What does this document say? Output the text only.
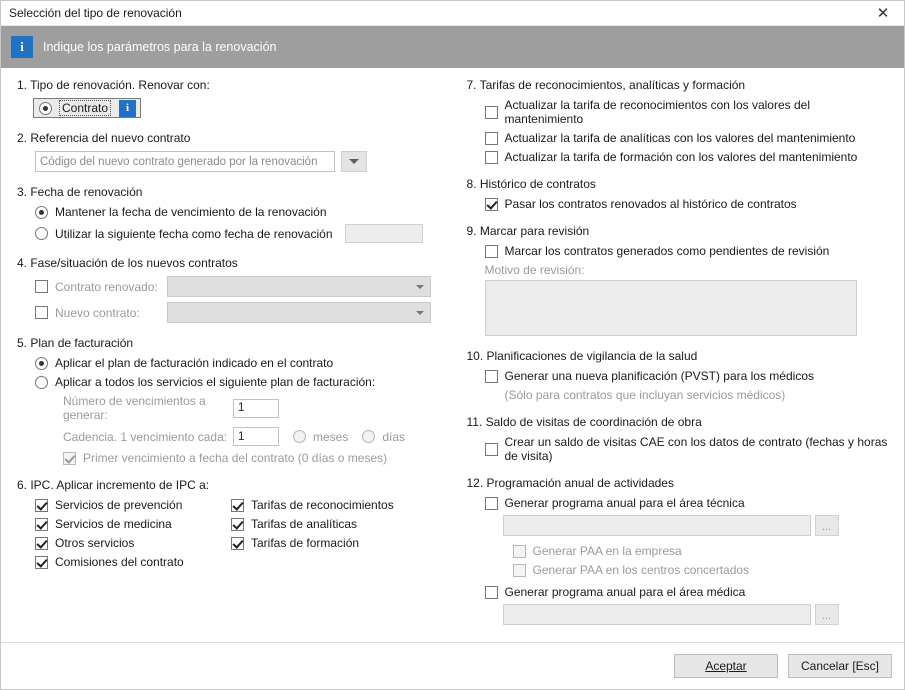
Selección del tipo de renovación	✕
i	Indique los parámetros para la renovación
1. Tipo de renovación. Renovar con:
Contrato	i
2. Referencia del nuevo contrato
Código del nuevo contrato generado por la renovación
3. Fecha de renovación
Mantener la fecha de vencimiento de la renovación
Utilizar la siguiente fecha como fecha de renovación
4. Fase/situación de los nuevos contratos
Contrato renovado:
Nuevo contrato:
5. Plan de facturación
Aplicar el plan de facturación indicado en el contrato
Aplicar a todos los servicios el siguiente plan de facturación:
Número de vencimientos a generar:	1
Cadencia. 1 vencimiento cada: 1	meses	días
Primer vencimiento a fecha del contrato (0 días o meses)
6. IPC. Aplicar incremento de IPC a:
Servicios de prevención
Servicios de medicina
Otros servicios
Comisiones del contrato
Tarifas de reconocimientos
Tarifas de analíticas
Tarifas de formación
7. Tarifas de reconocimientos, analíticas y formación
Actualizar la tarifa de reconocimientos con los valores del mantenimiento
Actualizar la tarifa de analíticas con los valores del mantenimiento
Actualizar la tarifa de formación con los valores del mantenimiento
8. Histórico de contratos
Pasar los contratos renovados al histórico de contratos
9. Marcar para revisión
Marcar los contratos generados como pendientes de revisión
Motivo de revisión:
10. Planificaciones de vigilancia de la salud
Generar una nueva planificación (PVST) para los médicos
(Sólo para contratos que incluyan servicios médicos)
11. Saldo de visitas de coordinación de obra
Crear un saldo de visitas CAE con los datos de contrato (fechas y horas de visita)
12. Programación anual de actividades
Generar programa anual para el área técnica
...
Generar PAA en la empresa
Generar PAA en los centros concertados
Generar programa anual para el área médica
...
Aceptar	Cancelar [Esc]
